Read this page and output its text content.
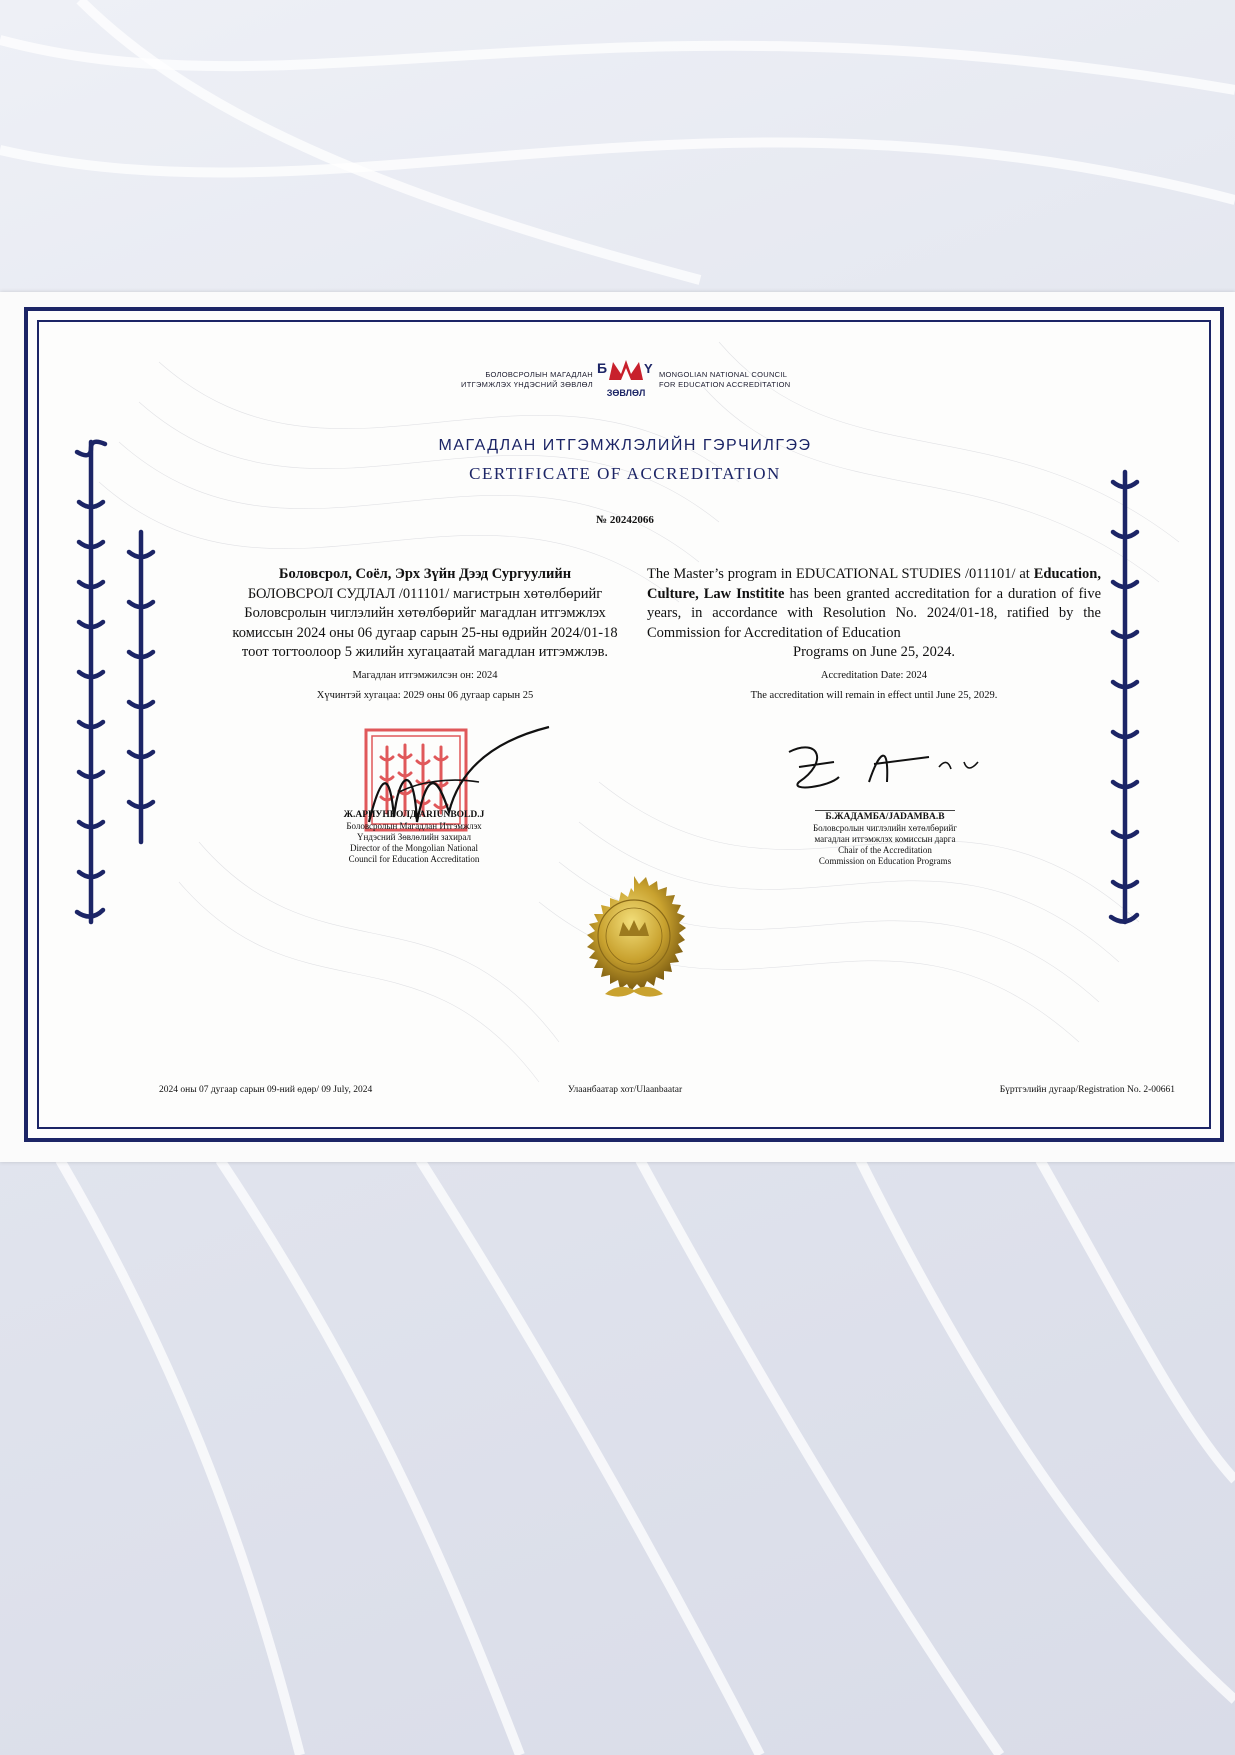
БОЛОВСРОЛЫН МАГАДЛАН
ИТГЭМЖЛЭХ ҮНДЭСНИЙ ЗӨВЛӨЛ
Б	Y
ЗӨВЛӨЛ
MONGOLIAN NATIONAL COUNCIL
FOR EDUCATION ACCREDITATION
МАГАДЛАН ИТГЭМЖЛЭЛИЙН ГЭРЧИЛГЭЭ
CERTIFICATE OF ACCREDITATION
№ 20242066
Боловсрол, Соёл, Эрх Зүйн Дээд Сургуулийн
БОЛОВСРОЛ СУДЛАЛ /011101/ магистрын хөтөлбөрийг
Боловсролын чиглэлийн хөтөлбөрийг магадлан итгэмжлэх
комиссын 2024 оны 06 дугаар сарын 25-ны өдрийн 2024/01-18
тоот тогтоолоор 5 жилийн хугацаатай магадлан итгэмжлэв.
Магадлан итгэмжилсэн он: 2024
Хүчинтэй хугацаа: 2029 оны 06 дугаар сарын 25
The Master’s program in EDUCATIONAL STUDIES /011101/ at Education, Culture, Law Institite has been granted accreditation for a duration of five years, in accordance with Resolution No. 2024/01-18, ratified by the Commission for Accreditation of Education
Programs on June 25, 2024.
Accreditation Date: 2024
The accreditation will remain in effect until June 25, 2029.
Ж.АРИУНБОЛД/ARIUNBOLD.J
Боловсролын Магадлан Итгэмжлэх
Үндэсний Зөвлөлийн захирал
Director of the Mongolian National
Council for Education Accreditation
Б.ЖАДАМБА/JADAMBA.B
Боловсролын чиглэлийн хөтөлбөрийг
магадлан итгэмжлэх комиссын дарга
Chair of the Accreditation
Commission on Education Programs
2024 оны 07 дугаар сарын 09-ний өдөр/ 09 July, 2024	Улаанбаатар хот/Ulaanbaatar	Бүртгэлийн дугаар/Registration No. 2-00661
